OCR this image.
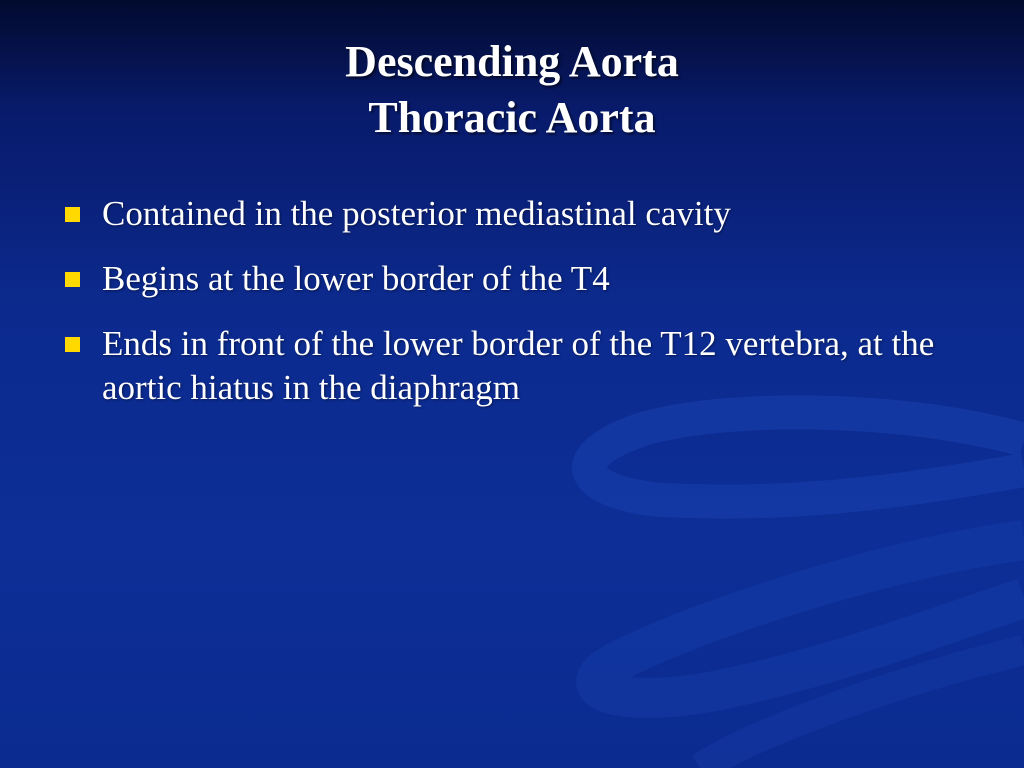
Descending Aorta
Thoracic Aorta
Contained in the posterior mediastinal cavity
Begins at the lower border of the T4
Ends in front of the lower border of the T12 vertebra, at the aortic hiatus in the diaphragm
